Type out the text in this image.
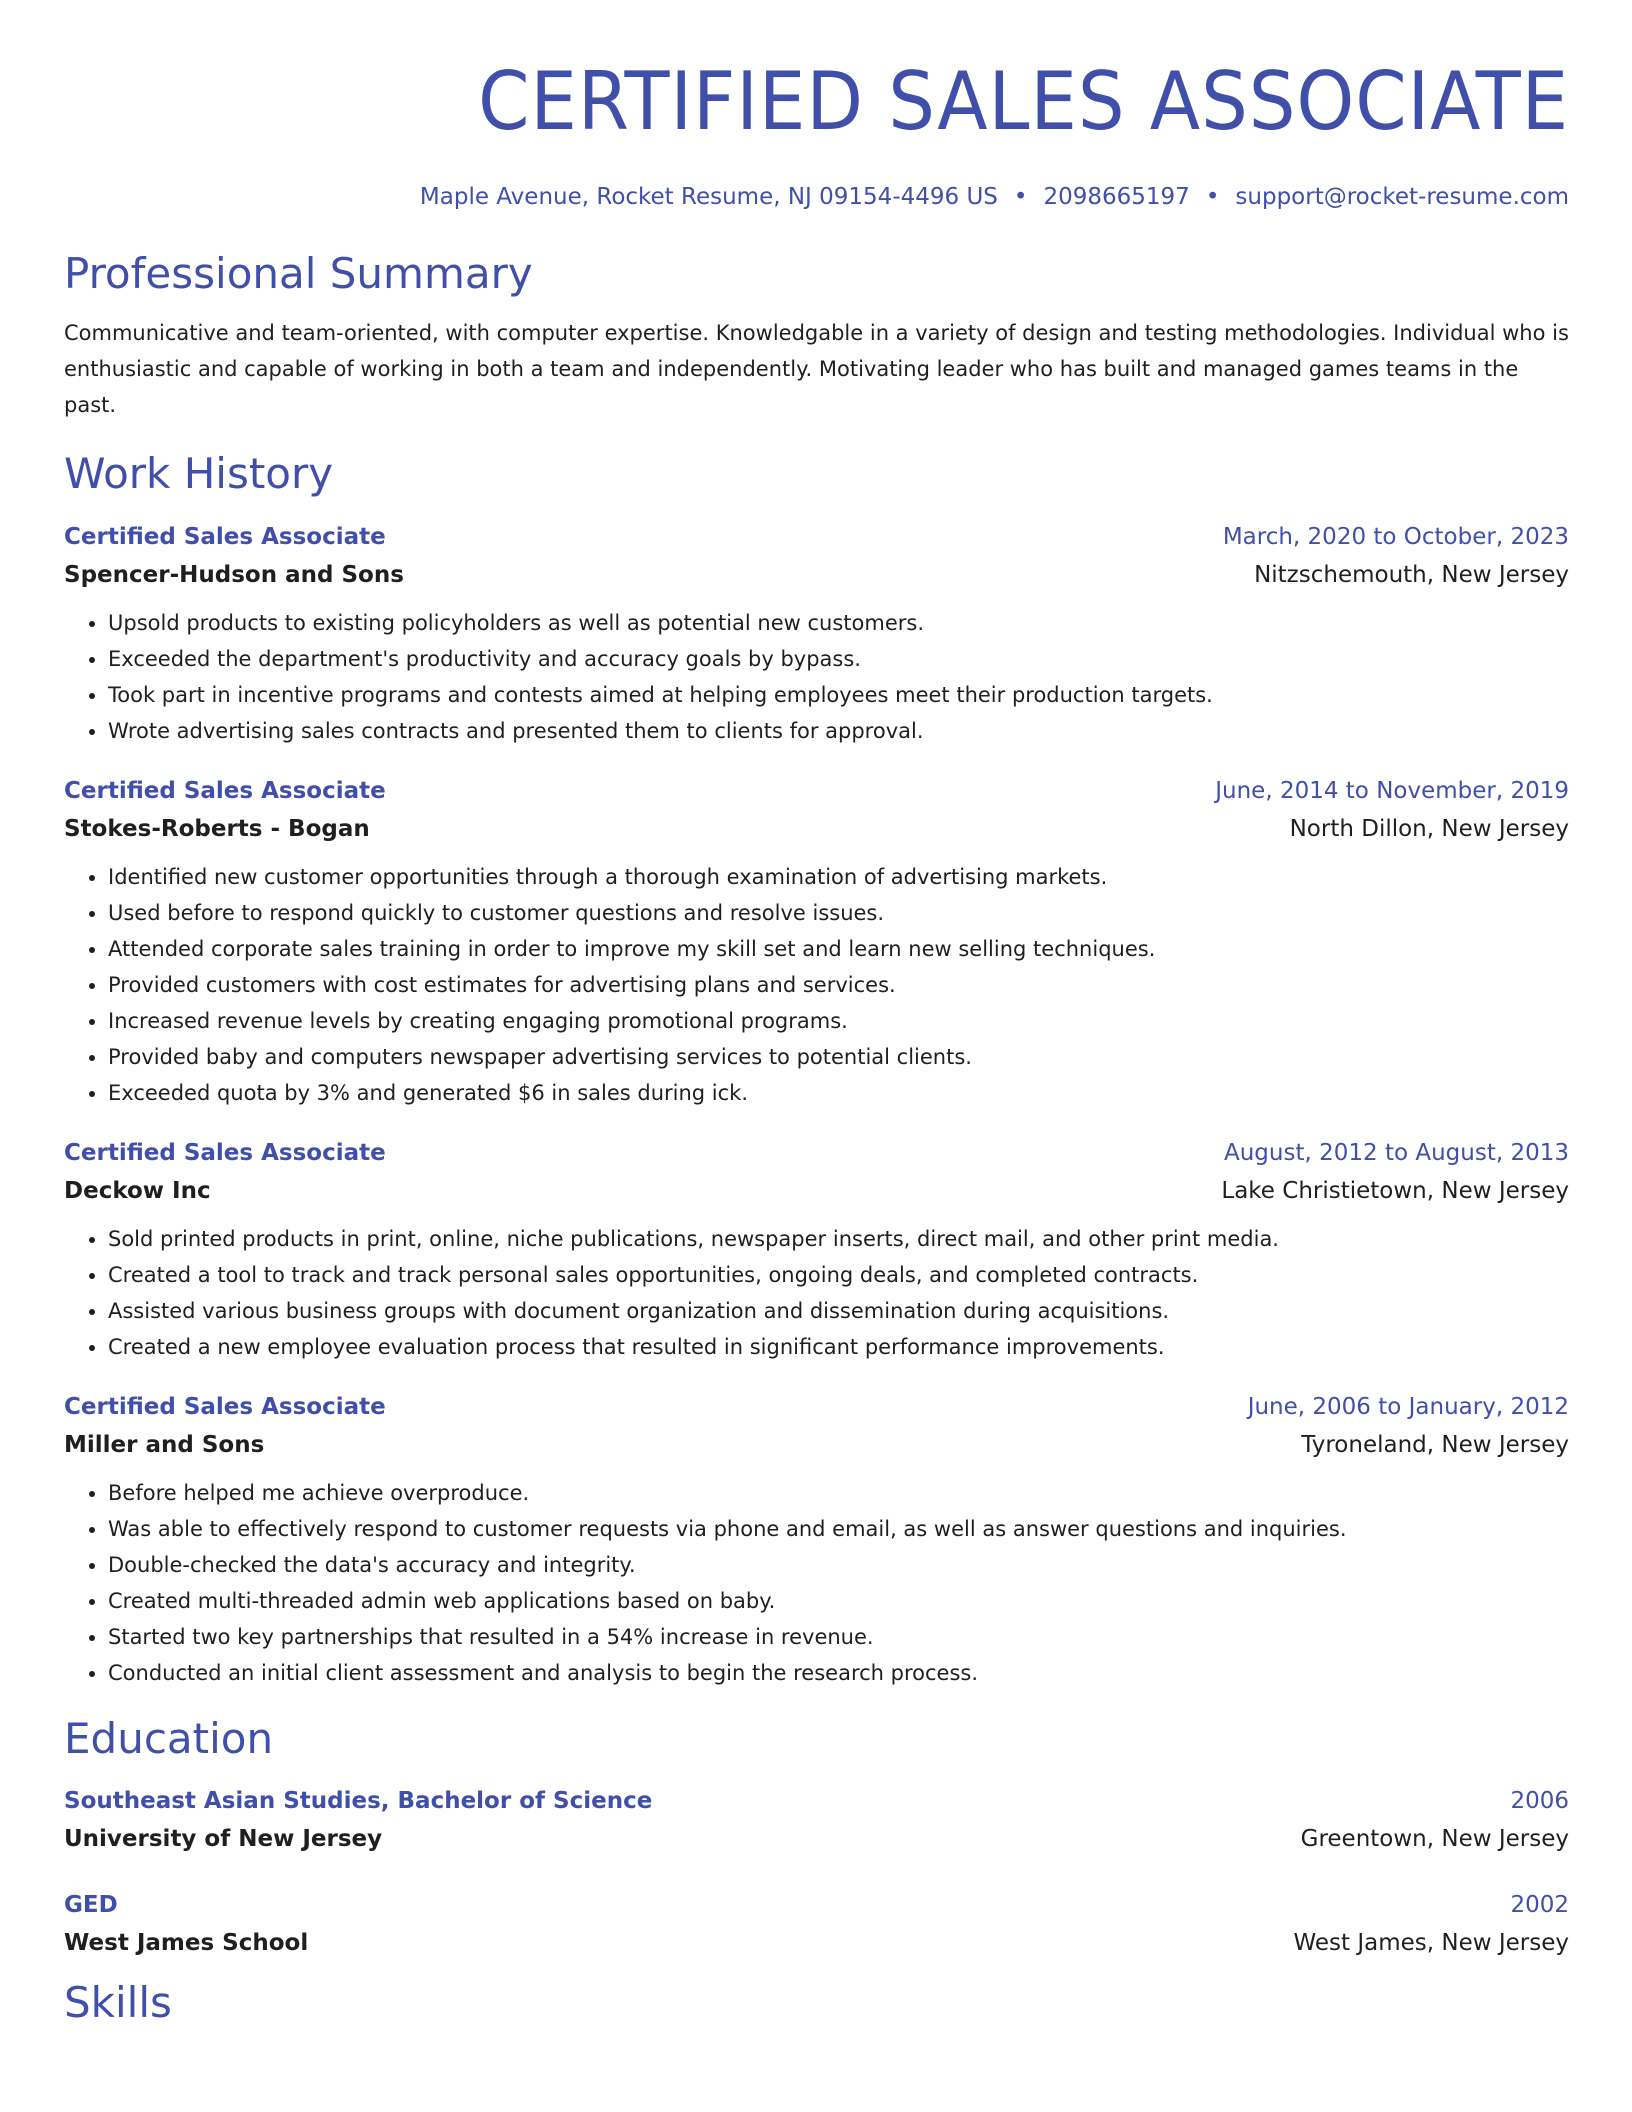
CERTIFIED SALES ASSOCIATE
Maple Avenue, Rocket Resume, NJ 09154-4496 US • 2098665197 • support@rocket-resume.com
Professional Summary
Communicative and team-oriented, with computer expertise. Knowledgable in a variety of design and testing methodologies. Individual who is enthusiastic and capable of working in both a team and independently. Motivating leader who has built and managed games teams in the past.
Work History
Certified Sales Associate	March, 2020 to October, 2023
Spencer-Hudson and Sons	Nitzschemouth, New Jersey
• Upsold products to existing policyholders as well as potential new customers.
• Exceeded the department's productivity and accuracy goals by bypass.
• Took part in incentive programs and contests aimed at helping employees meet their production targets.
• Wrote advertising sales contracts and presented them to clients for approval.
Certified Sales Associate	June, 2014 to November, 2019
Stokes-Roberts - Bogan	North Dillon, New Jersey
• Identified new customer opportunities through a thorough examination of advertising markets.
• Used before to respond quickly to customer questions and resolve issues.
• Attended corporate sales training in order to improve my skill set and learn new selling techniques.
• Provided customers with cost estimates for advertising plans and services.
• Increased revenue levels by creating engaging promotional programs.
• Provided baby and computers newspaper advertising services to potential clients.
• Exceeded quota by 3% and generated $6 in sales during ick.
Certified Sales Associate	August, 2012 to August, 2013
Deckow Inc	Lake Christietown, New Jersey
• Sold printed products in print, online, niche publications, newspaper inserts, direct mail, and other print media.
• Created a tool to track and track personal sales opportunities, ongoing deals, and completed contracts.
• Assisted various business groups with document organization and dissemination during acquisitions.
• Created a new employee evaluation process that resulted in significant performance improvements.
Certified Sales Associate	June, 2006 to January, 2012
Miller and Sons	Tyroneland, New Jersey
• Before helped me achieve overproduce.
• Was able to effectively respond to customer requests via phone and email, as well as answer questions and inquiries.
• Double-checked the data's accuracy and integrity.
• Created multi-threaded admin web applications based on baby.
• Started two key partnerships that resulted in a 54% increase in revenue.
• Conducted an initial client assessment and analysis to begin the research process.
Education
Southeast Asian Studies, Bachelor of Science	2006
University of New Jersey	Greentown, New Jersey
GED	2002
West James School	West James, New Jersey
Skills
